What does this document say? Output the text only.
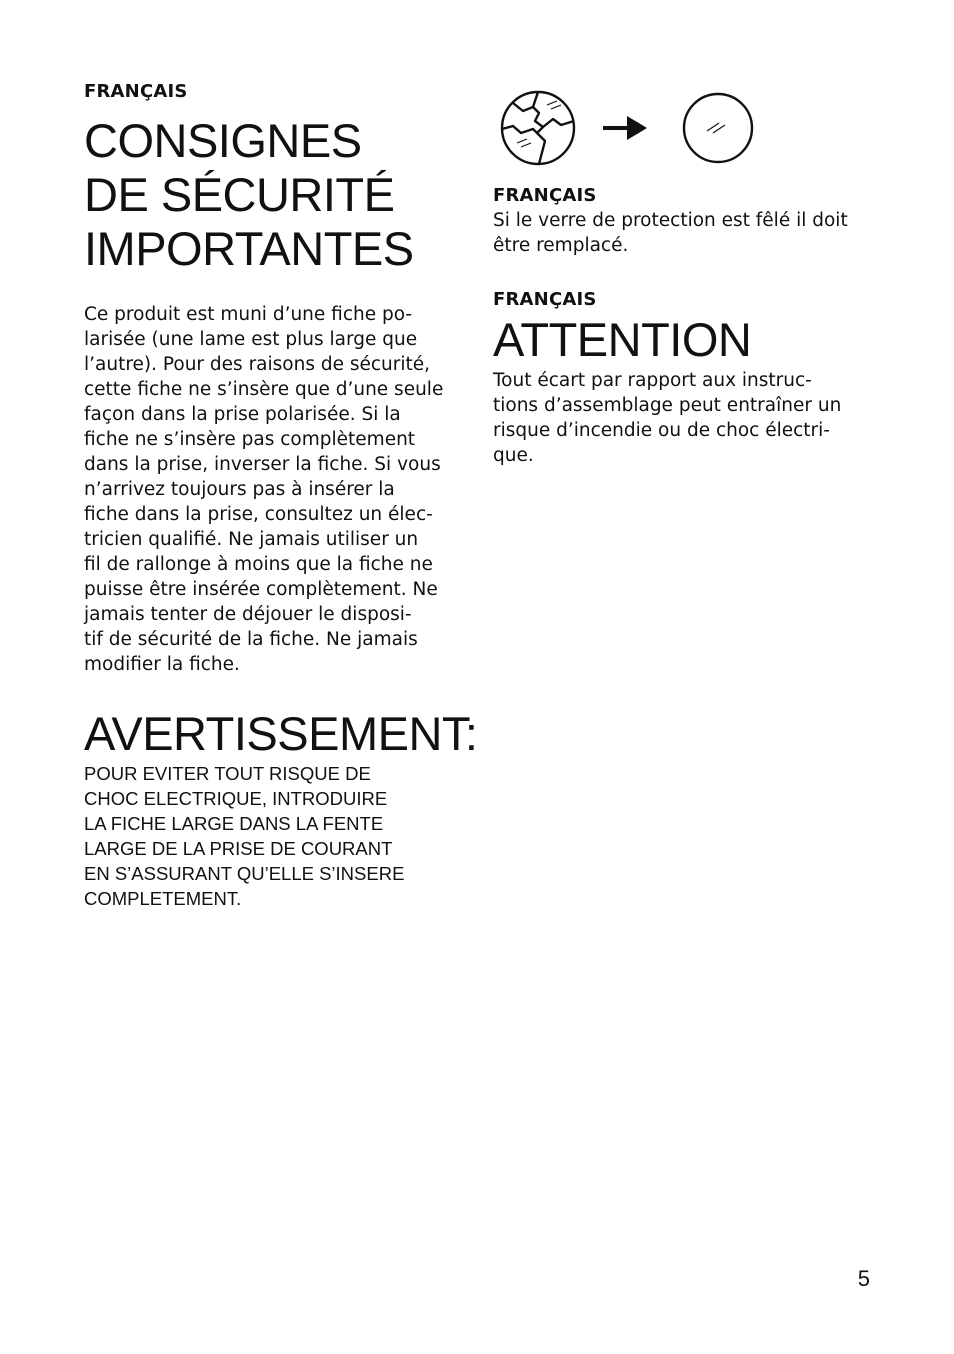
FRANÇAIS
CONSIGNES
DE SÉCURITÉ
IMPORTANTES
Ce produit est muni d’une fiche po-
larisée (une lame est plus large que
l’autre). Pour des raisons de sécurité,
cette fiche ne s’insère que d’une seule
façon dans la prise polarisée. Si la
fiche ne s’insère pas complètement
dans la prise, inverser la fiche. Si vous
n’arrivez toujours pas à insérer la
fiche dans la prise, consultez un élec-
tricien qualifié. Ne jamais utiliser un
fil de rallonge à moins que la fiche ne
puisse être insérée complètement. Ne
jamais tenter de déjouer le disposi-
tif de sécurité de la fiche. Ne jamais
modifier la fiche.
AVERTISSEMENT:
POUR EVITER TOUT RISQUE DE
CHOC ELECTRIQUE, INTRODUIRE
LA FICHE LARGE DANS LA FENTE
LARGE DE LA PRISE DE COURANT
EN S’ASSURANT QU’ELLE S’INSERE
COMPLETEMENT.
FRANÇAIS
Si le verre de protection est fêlé il doit
être remplacé.
FRANÇAIS
ATTENTION
Tout écart par rapport aux instruc-
tions d’assemblage peut entraîner un
risque d’incendie ou de choc électri-
que.
5
